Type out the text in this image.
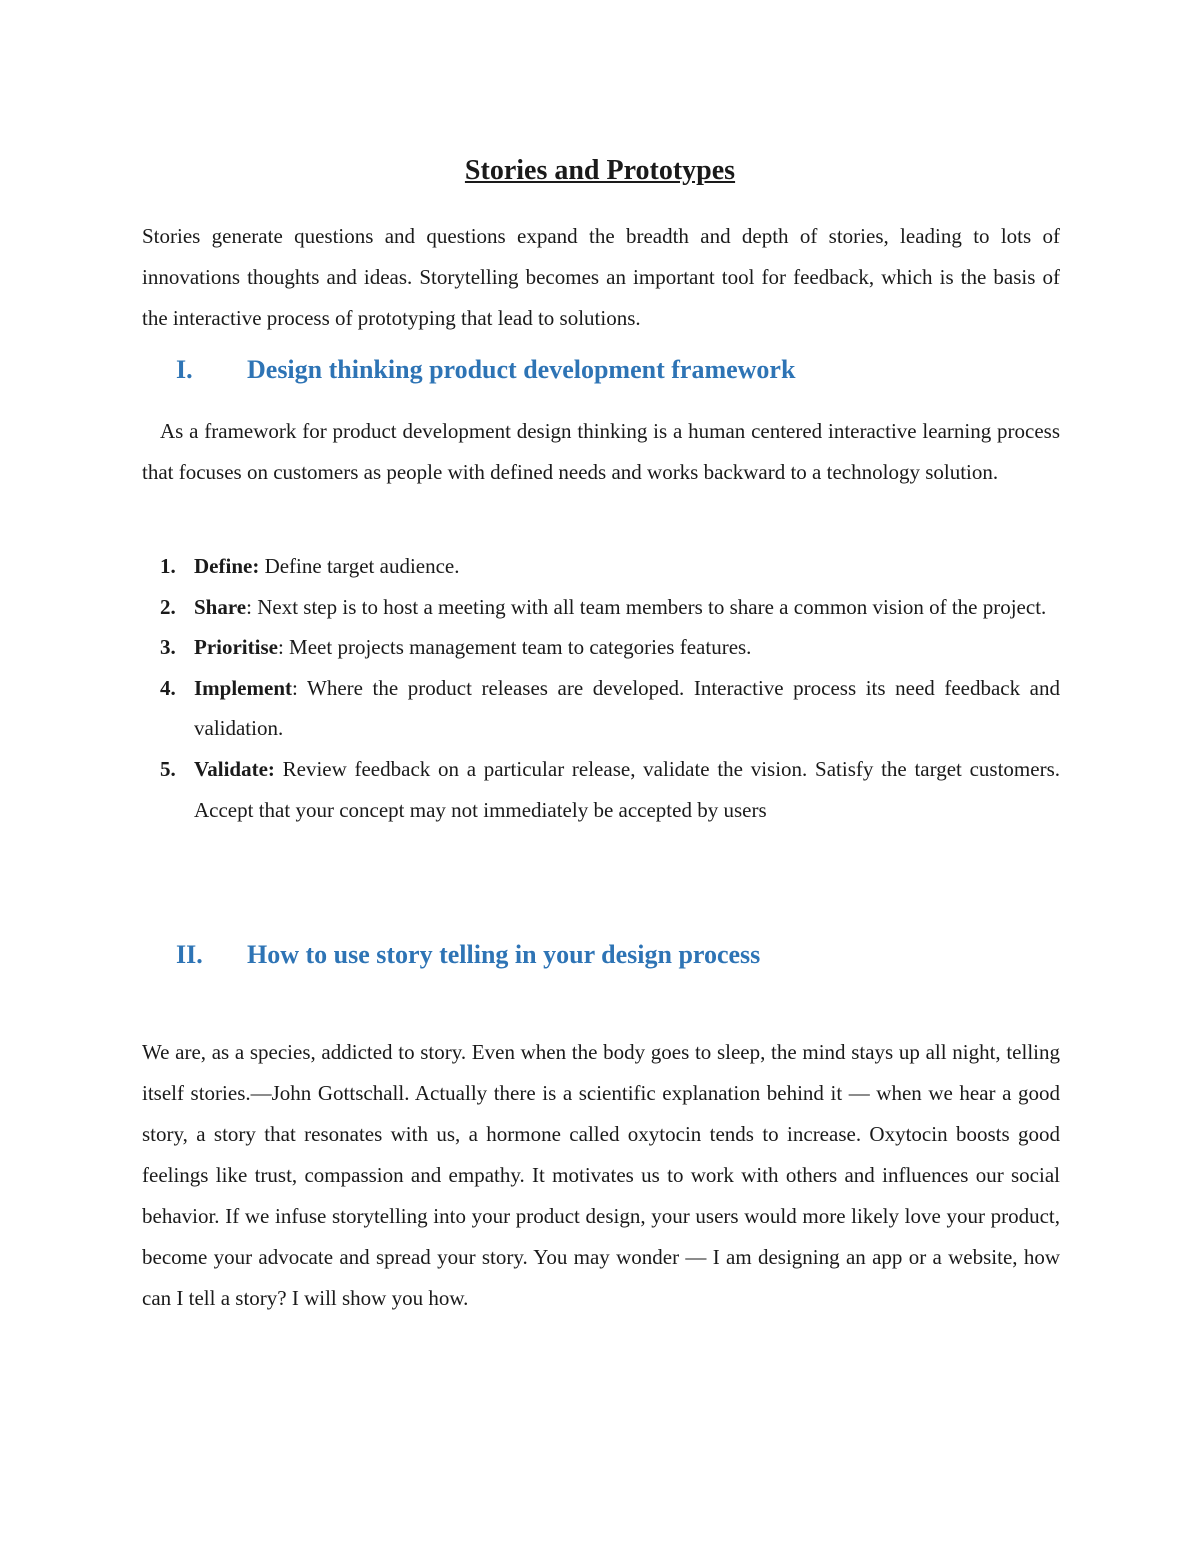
Stories and Prototypes

Stories generate questions and questions expand the breadth and depth of stories, leading to lots of innovations thoughts and ideas. Storytelling becomes an important tool for feedback, which is the basis of the interactive process of prototyping that lead to solutions.

I. Design thinking product development framework

As a framework for product development design thinking is a human centered interactive learning process that focuses on customers as people with defined needs and works backward to a technology solution.

1. Define: Define target audience.
2. Share: Next step is to host a meeting with all team members to share a common vision of the project.
3. Prioritise: Meet projects management team to categories features.
4. Implement: Where the product releases are developed. Interactive process its need feedback and validation.
5. Validate: Review feedback on a particular release, validate the vision. Satisfy the target customers. Accept that your concept may not immediately be accepted by users
II. How to use story telling in your design process

We are, as a species, addicted to story. Even when the body goes to sleep, the mind stays up all night, telling itself stories.—John Gottschall. Actually there is a scientific explanation behind it — when we hear a good story, a story that resonates with us, a hormone called oxytocin tends to increase. Oxytocin boosts good feelings like trust, compassion and empathy. It motivates us to work with others and influences our social behavior. If we infuse storytelling into your product design, your users would more likely love your product, become your advocate and spread your story. You may wonder — I am designing an app or a website, how can I tell a story? I will show you how.
